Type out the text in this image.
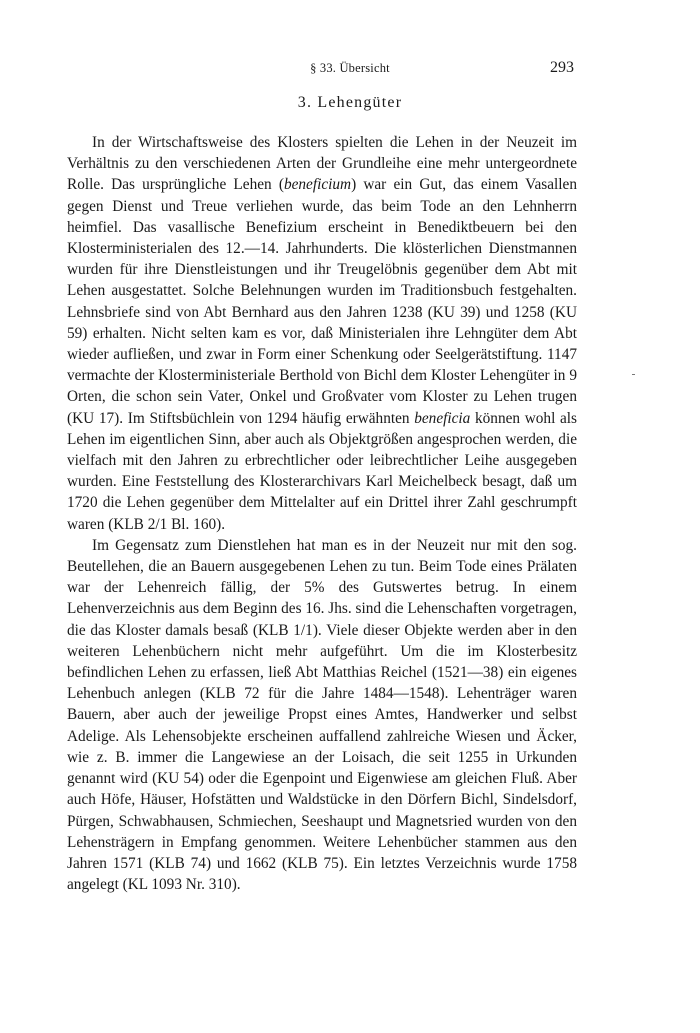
§ 33. Übersicht	293
3. Lehengüter

In der Wirtschaftsweise des Klosters spielten die Lehen in der Neuzeit im Verhältnis zu den verschiedenen Arten der Grundleihe eine mehr untergeordnete Rolle. Das ursprüngliche Lehen (beneficium) war ein Gut, das einem Vasallen gegen Dienst und Treue verliehen wurde, das beim Tode an den Lehnherrn heimfiel. Das vasallische Benefizium erscheint in Benediktbeuern bei den Klosterministerialen des 12.—14. Jahrhunderts. Die klösterlichen Dienstmannen wurden für ihre Dienstleistungen und ihr Treugelöbnis gegenüber dem Abt mit Lehen ausgestattet. Solche Belehnungen wurden im Traditionsbuch festgehalten. Lehnsbriefe sind von Abt Bernhard aus den Jahren 1238 (KU 39) und 1258 (KU 59) erhalten. Nicht selten kam es vor, daß Ministerialen ihre Lehngüter dem Abt wieder aufließen, und zwar in Form einer Schenkung oder Seelgerätstiftung. 1147 vermachte der Klosterministeriale Berthold von Bichl dem Kloster Lehengüter in 9 Orten, die schon sein Vater, Onkel und Großvater vom Kloster zu Lehen trugen (KU 17). Im Stiftsbüchlein von 1294 häufig erwähnten beneficia können wohl als Lehen im eigentlichen Sinn, aber auch als Objektgrößen angesprochen werden, die vielfach mit den Jahren zu erbrechtlicher oder leibrechtlicher Leihe ausgegeben wurden. Eine Feststellung des Klosterarchivars Karl Meichelbeck besagt, daß um 1720 die Lehen gegenüber dem Mittelalter auf ein Drittel ihrer Zahl geschrumpft waren (KLB 2/1 Bl. 160).

Im Gegensatz zum Dienstlehen hat man es in der Neuzeit nur mit den sog. Beutellehen, die an Bauern ausgegebenen Lehen zu tun. Beim Tode eines Prälaten war der Lehenreich fällig, der 5% des Gutswertes betrug. In einem Lehenverzeichnis aus dem Beginn des 16. Jhs. sind die Lehenschaften vorgetragen, die das Kloster damals besaß (KLB 1/1). Viele dieser Objekte werden aber in den weiteren Lehenbüchern nicht mehr aufgeführt. Um die im Klosterbesitz befindlichen Lehen zu erfassen, ließ Abt Matthias Reichel (1521—38) ein eigenes Lehenbuch anlegen (KLB 72 für die Jahre 1484—1548). Lehenträger waren Bauern, aber auch der jeweilige Propst eines Amtes, Handwerker und selbst Adelige. Als Lehensobjekte erscheinen auffallend zahlreiche Wiesen und Äcker, wie z. B. immer die Langewiese an der Loisach, die seit 1255 in Urkunden genannt wird (KU 54) oder die Egenpoint und Eigenwiese am gleichen Fluß. Aber auch Höfe, Häuser, Hofstätten und Waldstücke in den Dörfern Bichl, Sindelsdorf, Pürgen, Schwabhausen, Schmiechen, Seeshaupt und Magnetsried wurden von den Lehensträgern in Empfang genommen. Weitere Lehenbücher stammen aus den Jahren 1571 (KLB 74) und 1662 (KLB 75). Ein letztes Verzeichnis wurde 1758 angelegt (KL 1093 Nr. 310).
